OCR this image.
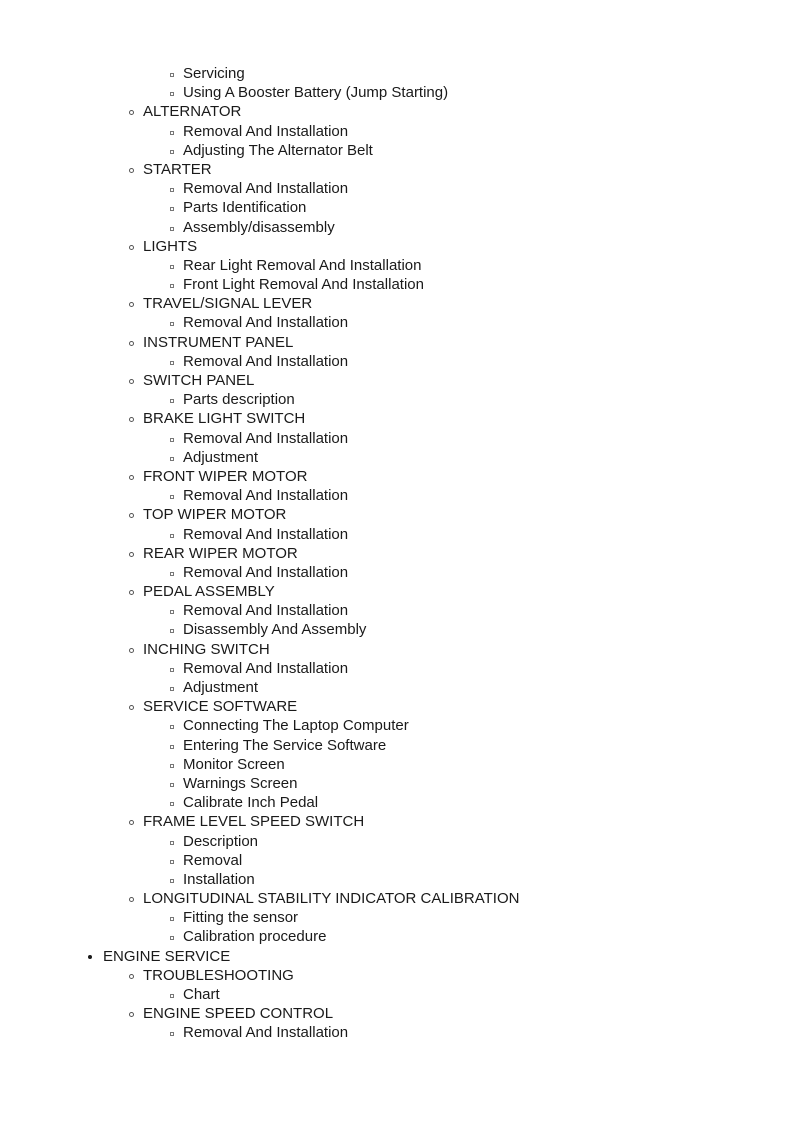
Servicing
Using A Booster Battery (Jump Starting)
ALTERNATOR
Removal And Installation
Adjusting The Alternator Belt
STARTER
Removal And Installation
Parts Identification
Assembly/disassembly
LIGHTS
Rear Light Removal And Installation
Front Light Removal And Installation
TRAVEL/SIGNAL LEVER
Removal And Installation
INSTRUMENT PANEL
Removal And Installation
SWITCH PANEL
Parts description
BRAKE LIGHT SWITCH
Removal And Installation
Adjustment
FRONT WIPER MOTOR
Removal And Installation
TOP WIPER MOTOR
Removal And Installation
REAR WIPER MOTOR
Removal And Installation
PEDAL ASSEMBLY
Removal And Installation
Disassembly And Assembly
INCHING SWITCH
Removal And Installation
Adjustment
SERVICE SOFTWARE
Connecting The Laptop Computer
Entering The Service Software
Monitor Screen
Warnings Screen
Calibrate Inch Pedal
FRAME LEVEL SPEED SWITCH
Description
Removal
Installation
LONGITUDINAL STABILITY INDICATOR CALIBRATION
Fitting the sensor
Calibration procedure
ENGINE SERVICE
TROUBLESHOOTING
Chart
ENGINE SPEED CONTROL
Removal And Installation
